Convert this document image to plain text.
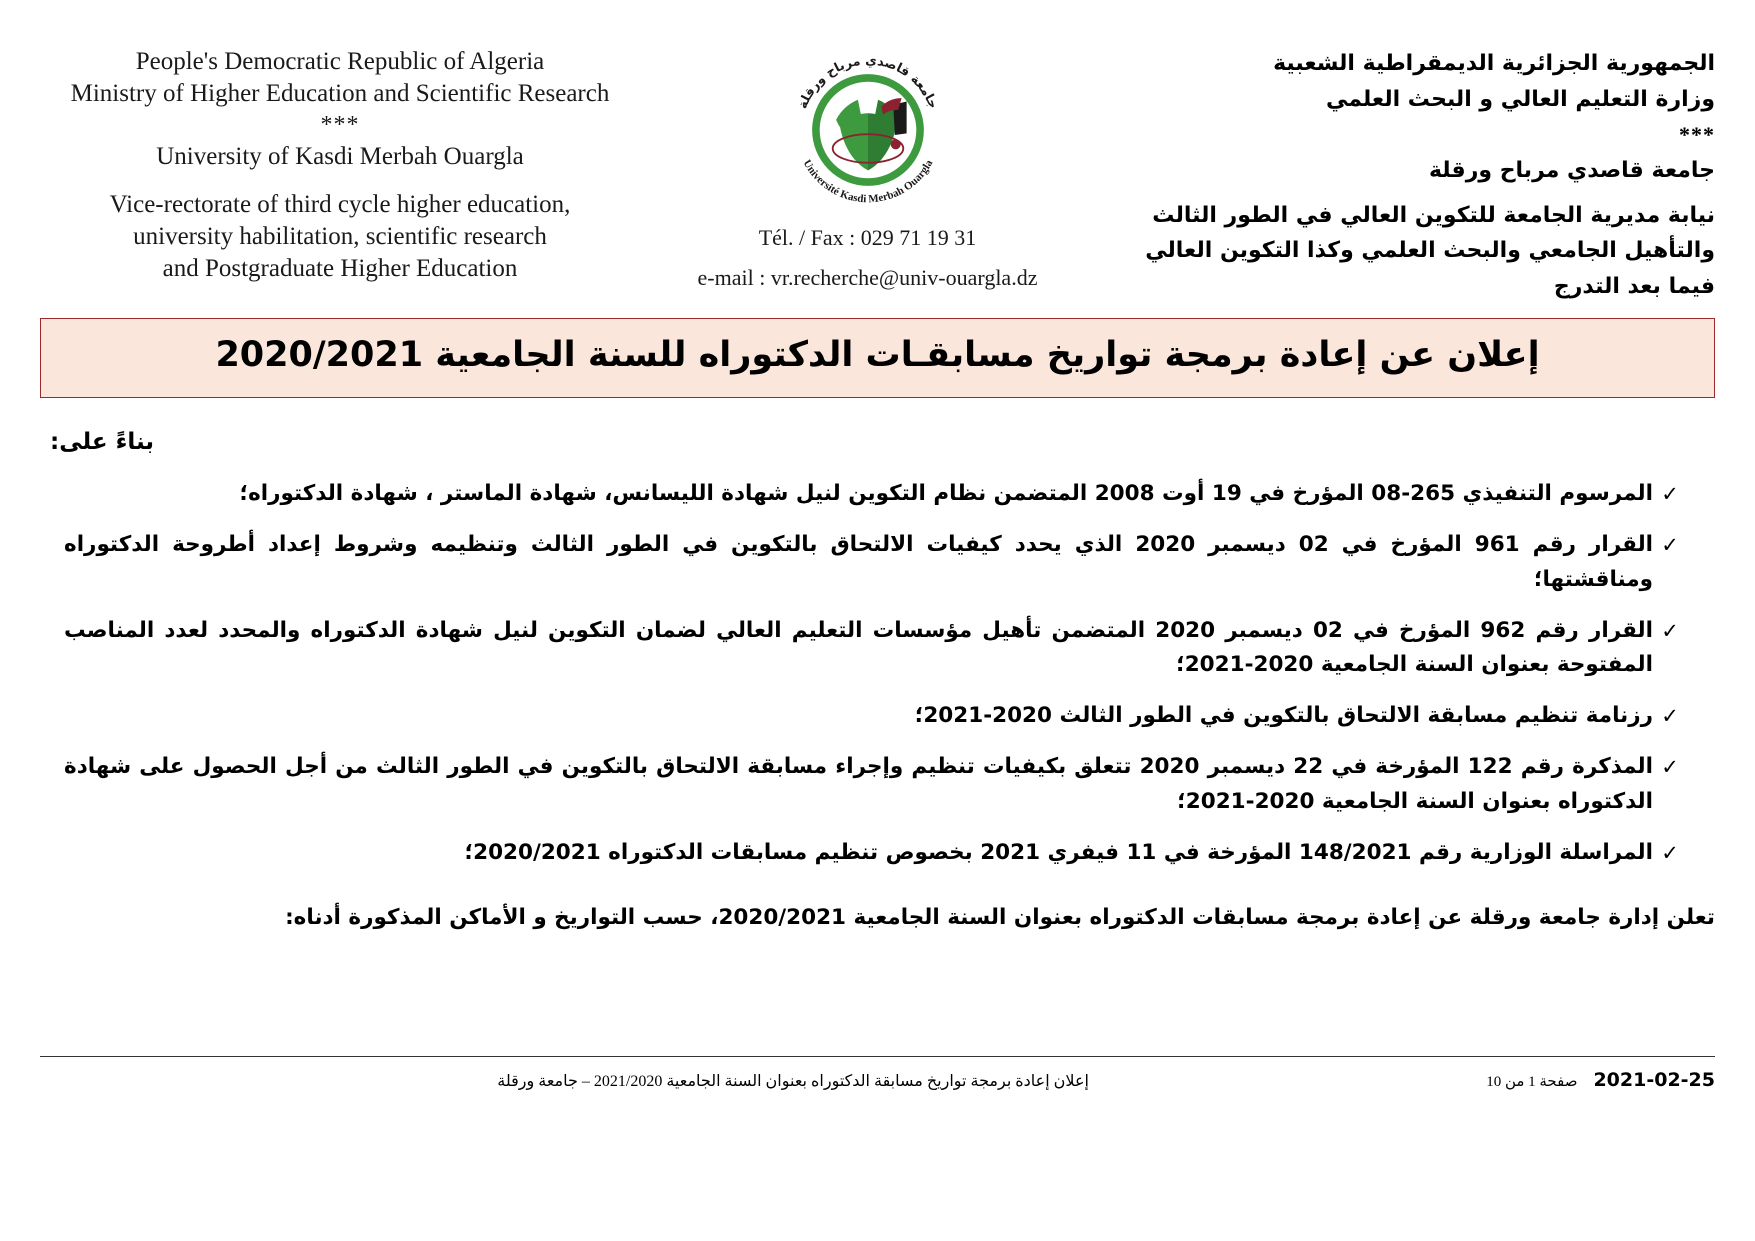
People's Democratic Republic of Algeria
Ministry of Higher Education and Scientific Research
***
University of Kasdi Merbah Ouargla
Vice-rectorate of third cycle higher education,
university habilitation, scientific research
and Postgraduate Higher Education
جامعة قاصدي مرباح ورقلة
Université Kasdi Merbah Ouargla
Tél. / Fax : 029 71 19 31
e-mail : vr.recherche@univ-ouargla.dz
الجمهورية الجزائرية الديمقراطية الشعبية
وزارة التعليم العالي و البحث العلمي
***
جامعة قاصدي مرباح ورقلة
نيابة مديرية الجامعة للتكوين العالي في الطور الثالث
والتأهيل الجامعي والبحث العلمي وكذا التكوين العالي
فيما بعد التدرج
إعلان عن إعادة برمجة تواريخ مسابقـات الدكتوراه للسنة الجامعية 2020/2021
بناءً على:
✓
المرسوم التنفيذي 265-08 المؤرخ في 19 أوت 2008 المتضمن نظام التكوين لنيل شهادة الليسانس، شهادة الماستر ، شهادة الدكتوراه؛
✓
القرار رقم 961 المؤرخ في 02 ديسمبر 2020 الذي يحدد كيفيات الالتحاق بالتكوين في الطور الثالث وتنظيمه وشروط إعداد أطروحة الدكتوراه ومناقشتها؛
✓
القرار رقم 962 المؤرخ في 02 ديسمبر 2020 المتضمن تأهيل مؤسسات التعليم العالي لضمان التكوين لنيل شهادة الدكتوراه والمحدد لعدد المناصب المفتوحة بعنوان السنة الجامعية 2020-2021؛
✓
رزنامة تنظيم مسابقة الالتحاق بالتكوين في الطور الثالث 2020-2021؛
✓
المذكرة رقم 122 المؤرخة في 22 ديسمبر 2020 تتعلق بكيفيات تنظيم وإجراء مسابقة الالتحاق بالتكوين في الطور الثالث من أجل الحصول على شهادة الدكتوراه بعنوان السنة الجامعية 2020-2021؛
✓
المراسلة الوزارية رقم 148/2021 المؤرخة في 11 فيفري 2021 بخصوص تنظيم مسابقات الدكتوراه 2020/2021؛
تعلن إدارة جامعة ورقلة عن إعادة برمجة مسابقات الدكتوراه بعنوان السنة الجامعية 2020/2021، حسب التواريخ و الأماكن المذكورة أدناه:
2021-02-25
صفحة 1 من 10
إعلان إعادة برمجة تواريخ مسابقة الدكتوراه بعنوان السنة الجامعية 2021/2020 – جامعة ورقلة
